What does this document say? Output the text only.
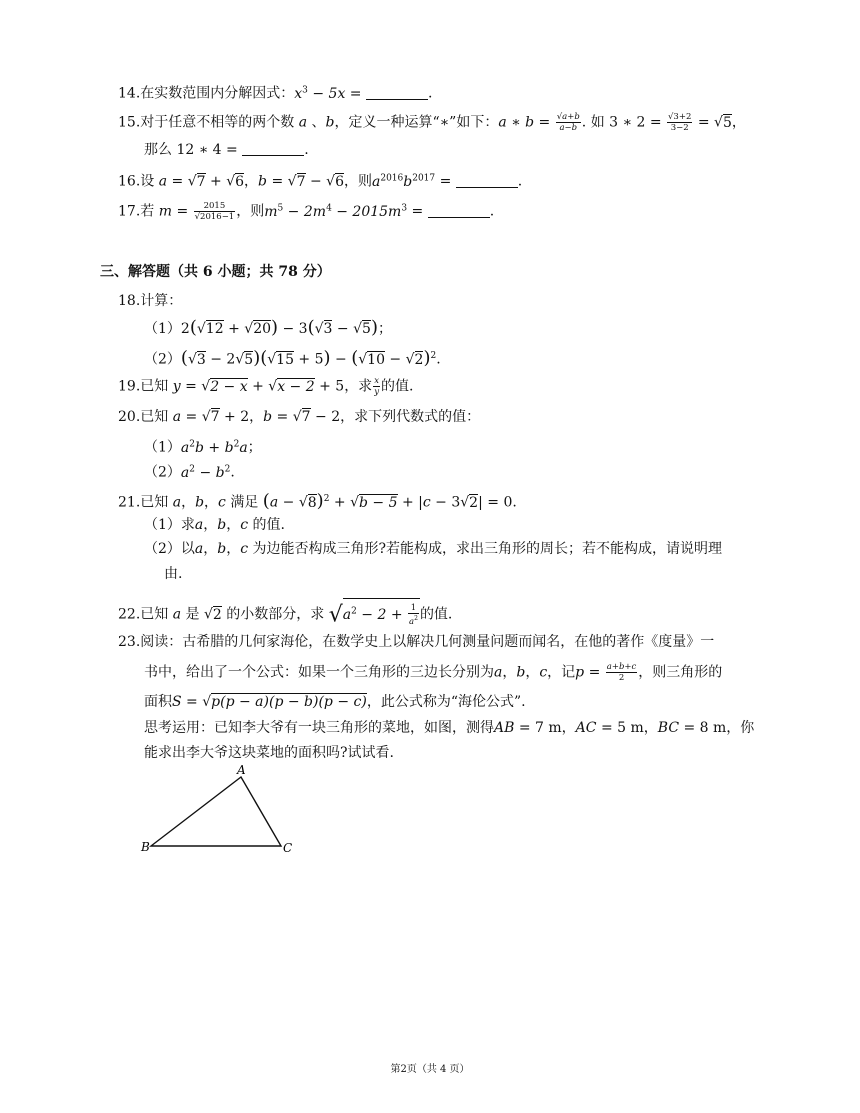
14.在实数范围内分解因式：$x^3 - 5x$ =	.
15.对于任意不相等的两个数 a 、b，定义一种运算“∗”如下：a ∗ $b = \frac{√a+b}{a-b}$ . 如 3 ∗ $2 = \frac{√3+2}{3-2} = √5$，
那么 12 ∗ 4 =	.
16.设 a = √7 + √6，b = √7 − √6，则$a^{2016}b^{2017}$ =	.
17.若 $m = \frac{2015}{√2016-1}$ ，则$m^5 - 2m^4 - 2015m^3$ =	.
三、解答题（共 6 小题；共 78 分）
18.计算：
（1）2(√12 + √20) − 3(√3 − √5)；
$(2)(√3 - 2√5)(√15 + 5) - (√10 - √2)^2$.
19.已知 y = √2 − x + √x − 2 + 5，求 $\frac{x}{y}$ 的值.
20.已知 a = √7 + 2，b = √7 − 2，求下列代数式的值：
$(1)a^2b + b^2a$；
$(2)a^2 - b^2$.
21.已知 a，b，c 满足 $(a - √8)^2 + √b - 5 + |c - 3√2| = 0$.
（1）求a，b，c 的值.
（2）以a，b，c 为边能否构成三角形?若能构成，求出三角形的周长；若不能构成，请说明理
由.
22.已知 a 是 √2 的小数部分，求 $√a^2 - 2 + \frac{1}{a^2}$ 的值.
23.阅读：古希腊的几何家海伦，在数学史上以解决几何测量问题而闻名，在他的著作《度量》一
书中，给出了一个公式：如果一个三角形的三边长分别为a，b，c，记$p = \frac{a+b+c}{2}$ ，则三角形的
面积S = √p(p − a)(p − b)(p − c)，此公式称为“海伦公式”.
思考运用：已知李大爷有一块三角形的菜地，如图，测得AB = 7 m，AC = 5 m，BC = 8 m，你
能求出李大爷这块菜地的面积吗?试试看.
A
B	C
第2页（共 4 页）
